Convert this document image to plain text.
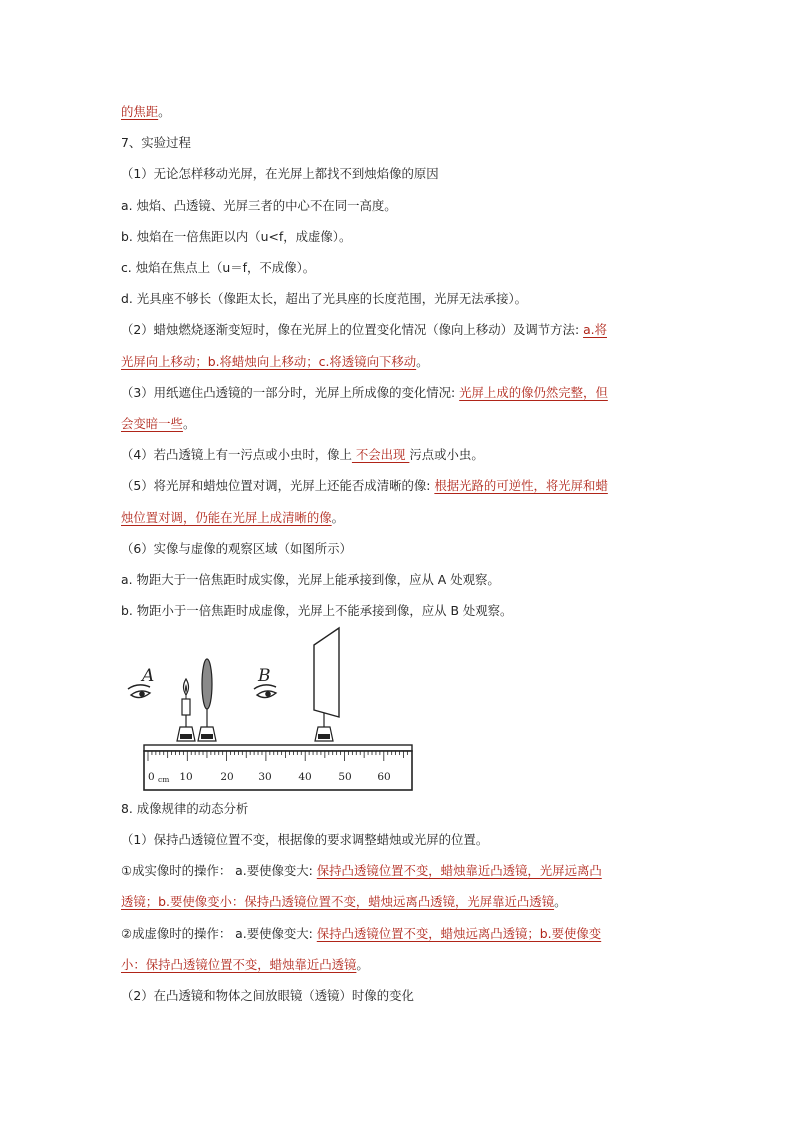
的焦距。
7、实验过程
（1）无论怎样移动光屏，在光屏上都找不到烛焰像的原因
a. 烛焰、凸透镜、光屏三者的中心不在同一高度。
b. 烛焰在一倍焦距以内（u<f，成虚像）。
c. 烛焰在焦点上（u＝f，不成像）。
d. 光具座不够长（像距太长，超出了光具座的长度范围，光屏无法承接）。
（2）蜡烛燃烧逐渐变短时，像在光屏上的位置变化情况（像向上移动）及调节方法: a.将
光屏向上移动；b.将蜡烛向上移动；c.将透镜向下移动。
（3）用纸遮住凸透镜的一部分时，光屏上所成像的变化情况: 光屏上成的像仍然完整，但
会变暗一些。
（4）若凸透镜上有一污点或小虫时，像上 不会出现 污点或小虫。
（5）将光屏和蜡烛位置对调，光屏上还能否成清晰的像: 根据光路的可逆性，将光屏和蜡
烛位置对调，仍能在光屏上成清晰的像。
（6）实像与虚像的观察区域（如图所示）
a. 物距大于一倍焦距时成实像，光屏上能承接到像，应从 A 处观察。
b. 物距小于一倍焦距时成虚像，光屏上不能承接到像，应从 B 处观察。
A	B
0 cm 10	20 30	40	50 60
8. 成像规律的动态分析
（1）保持凸透镜位置不变，根据像的要求调整蜡烛或光屏的位置。
①成实像时的操作： a.要使像变大: 保持凸透镜位置不变，蜡烛靠近凸透镜，光屏远离凸
透镜；b.要使像变小：保持凸透镜位置不变，蜡烛远离凸透镜，光屏靠近凸透镜。
②成虚像时的操作： a.要使像变大: 保持凸透镜位置不变，蜡烛远离凸透镜；b.要使像变
小：保持凸透镜位置不变，蜡烛靠近凸透镜。
（2）在凸透镜和物体之间放眼镜（透镜）时像的变化
